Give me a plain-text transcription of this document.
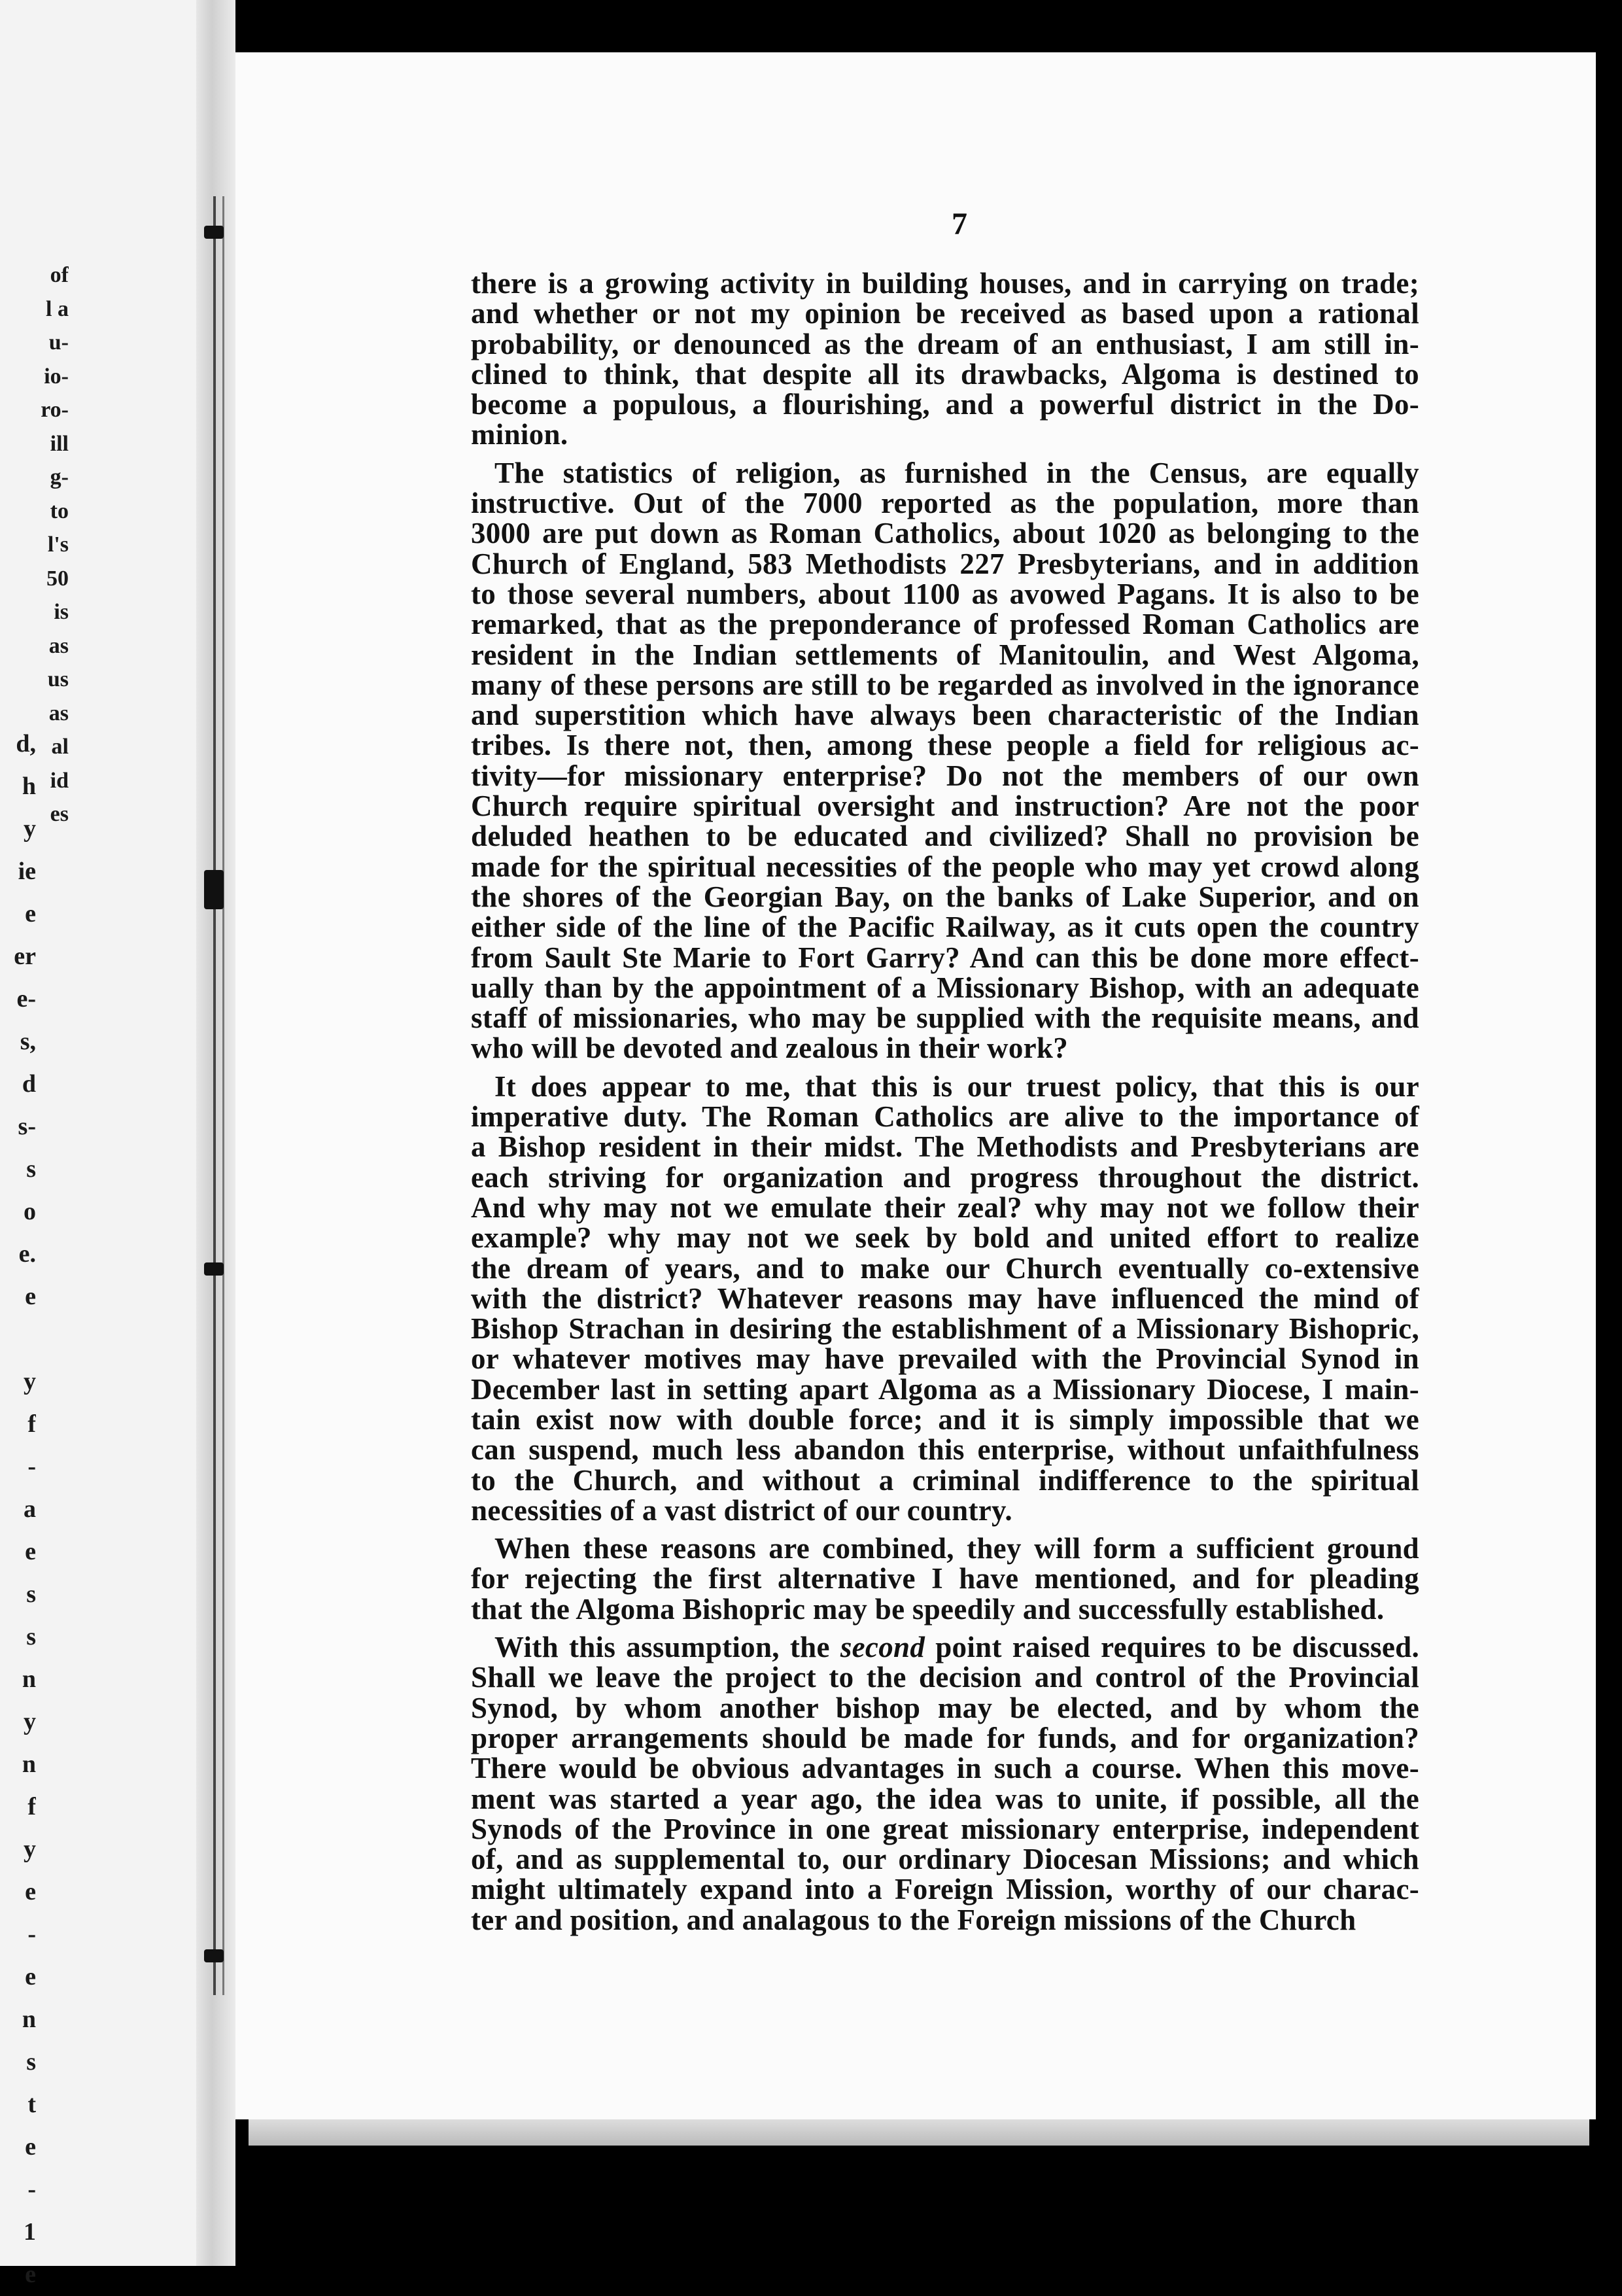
of
l a
u-
io-
ro-
ill
g-
to
l's
50
is
as
us
as
al
id
es
d,
h
y
ie
e
er
e-
s,
d
s-
s
o
e.
e

y
f
-
a
e
s
s
n
y
n
f
y
e
-
e
n
s
t
e
-
1
e
7
there is a growing activity in building houses, and in carrying on trade;
and whether or not my opinion be received as based upon a rational
probability, or denounced as the dream of an enthusiast, I am still in-
clined to think, that despite all its drawbacks, Algoma is destined to
become a populous, a flourishing, and a powerful district in the Do-
minion.
The statistics of religion, as furnished in the Census, are equally
instructive. Out of the 7000 reported as the population, more than
3000 are put down as Roman Catholics, about 1020 as belonging to the
Church of England, 583 Methodists 227 Presbyterians, and in addition
to those several numbers, about 1100 as avowed Pagans. It is also to be
remarked, that as the preponderance of professed Roman Catholics are
resident in the Indian settlements of Manitoulin, and West Algoma,
many of these persons are still to be regarded as involved in the ignorance
and superstition which have always been characteristic of the Indian
tribes. Is there not, then, among these people a field for religious ac-
tivity—for missionary enterprise? Do not the members of our own
Church require spiritual oversight and instruction? Are not the poor
deluded heathen to be educated and civilized? Shall no provision be
made for the spiritual necessities of the people who may yet crowd along
the shores of the Georgian Bay, on the banks of Lake Superior, and on
either side of the line of the Pacific Railway, as it cuts open the country
from Sault Ste Marie to Fort Garry? And can this be done more effect-
ually than by the appointment of a Missionary Bishop, with an adequate
staff of missionaries, who may be supplied with the requisite means, and
who will be devoted and zealous in their work?
It does appear to me, that this is our truest policy, that this is our
imperative duty. The Roman Catholics are alive to the importance of
a Bishop resident in their midst. The Methodists and Presbyterians are
each striving for organization and progress throughout the district.
And why may not we emulate their zeal? why may not we follow their
example? why may not we seek by bold and united effort to realize
the dream of years, and to make our Church eventually co-extensive
with the district? Whatever reasons may have influenced the mind of
Bishop Strachan in desiring the establishment of a Missionary Bishopric,
or whatever motives may have prevailed with the Provincial Synod in
December last in setting apart Algoma as a Missionary Diocese, I main-
tain exist now with double force; and it is simply impossible that we
can suspend, much less abandon this enterprise, without unfaithfulness
to the Church, and without a criminal indifference to the spiritual
necessities of a vast district of our country.
When these reasons are combined, they will form a sufficient ground
for rejecting the first alternative I have mentioned, and for pleading
that the Algoma Bishopric may be speedily and successfully established.
With this assumption, the second point raised requires to be discussed.
Shall we leave the project to the decision and control of the Provincial
Synod, by whom another bishop may be elected, and by whom the
proper arrangements should be made for funds, and for organization?
There would be obvious advantages in such a course. When this move-
ment was started a year ago, the idea was to unite, if possible, all the
Synods of the Province in one great missionary enterprise, independent
of, and as supplemental to, our ordinary Diocesan Missions; and which
might ultimately expand into a Foreign Mission, worthy of our charac-
ter and position, and analagous to the Foreign missions of the Church
